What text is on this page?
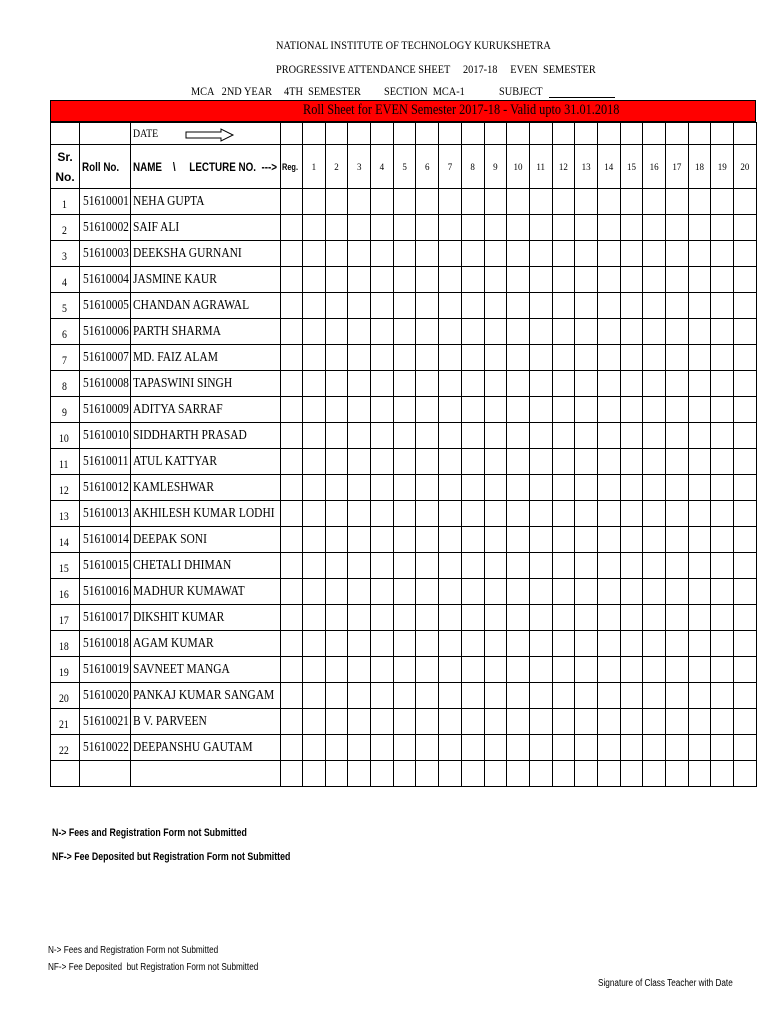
NATIONAL INSTITUTE OF TECHNOLOGY KURUKSHETRA
PROGRESSIVE ATTENDANCE SHEET     2017-18     EVEN  SEMESTER
MCA   2ND YEAR 4TH  SEMESTER SECTION  MCA-1	SUBJECT
Roll Sheet for EVEN Semester 2017-18 - Valid upto 31.01.2018
		DATE

Sr. No.	Roll No.	NAME    \     LECTURE NO.  --->	Reg.	1	2	3	4	5	6	7	8	9	10	11	12	13	14	15	16	17	18	19	20
1	51610001	NEHA GUPTA																					
2	51610002	SAIF ALI																					
3	51610003	DEEKSHA GURNANI																					
4	51610004	JASMINE KAUR																					
5	51610005	CHANDAN AGRAWAL																					
6	51610006	PARTH SHARMA																					
7	51610007	MD. FAIZ ALAM																					
8	51610008	TAPASWINI SINGH																					
9	51610009	ADITYA SARRAF																					
10	51610010	SIDDHARTH PRASAD																					
11	51610011	ATUL KATTYAR																					
12	51610012	KAMLESHWAR																					
13	51610013	AKHILESH KUMAR LODHI																					
14	51610014	DEEPAK SONI																					
15	51610015	CHETALI DHIMAN																					
16	51610016	MADHUR KUMAWAT																					
17	51610017	DIKSHIT KUMAR																					
18	51610018	AGAM KUMAR																					
19	51610019	SAVNEET MANGA																					
20	51610020	PANKAJ KUMAR SANGAM																					
21	51610021	B V. PARVEEN																					
22	51610022	DEEPANSHU GAUTAM																					

N-> Fees and Registration Form not Submitted
NF-> Fee Deposited but Registration Form not Submitted
N-> Fees and Registration Form not Submitted
NF-> Fee Deposited  but Registration Form not Submitted
Signature of Class Teacher with Date
